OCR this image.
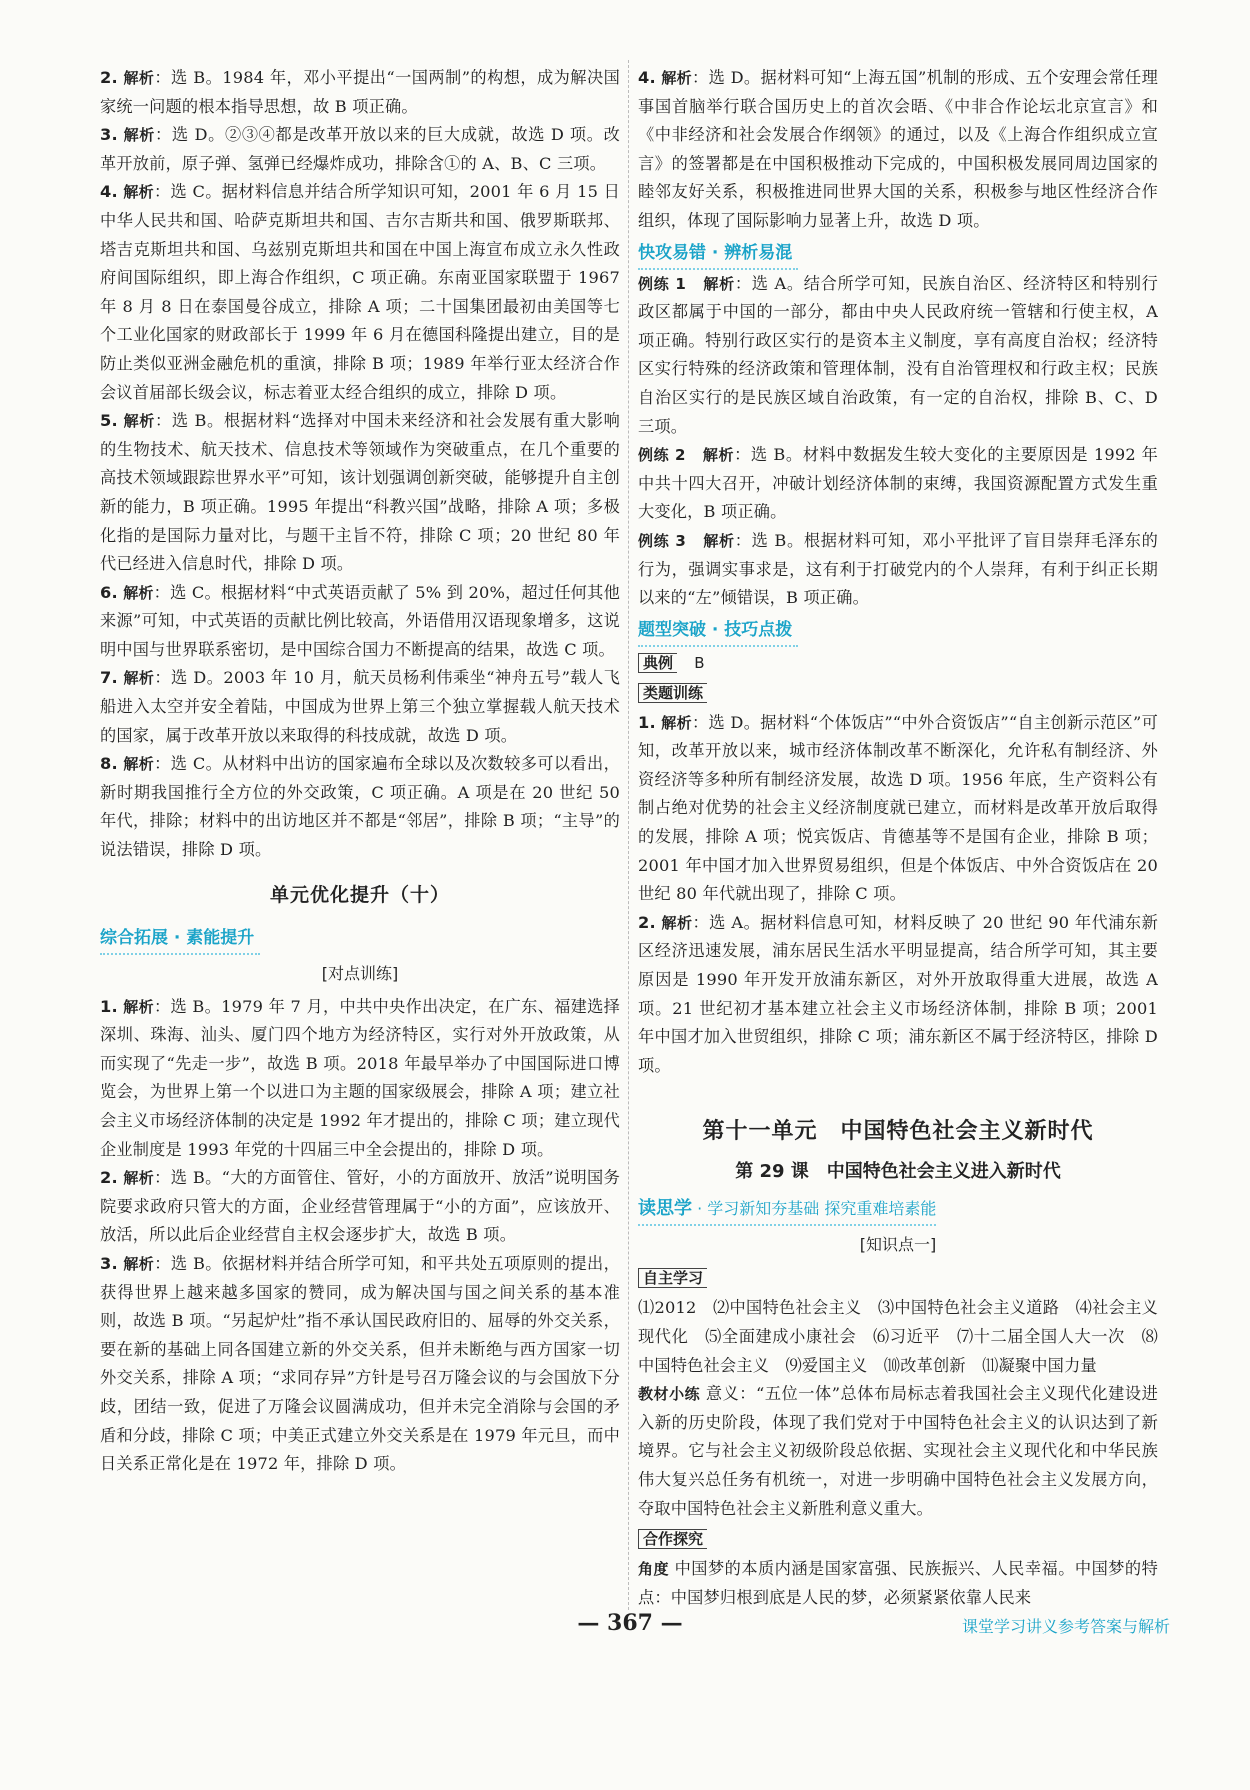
2. 解析：选 B。1984 年，邓小平提出“一国两制”的构想，成为解决国家统一问题的根本指导思想，故 B 项正确。

3. 解析：选 D。②③④都是改革开放以来的巨大成就，故选 D 项。改革开放前，原子弹、氢弹已经爆炸成功，排除含①的 A、B、C 三项。

4. 解析：选 C。据材料信息并结合所学知识可知，2001 年 6 月 15 日中华人民共和国、哈萨克斯坦共和国、吉尔吉斯共和国、俄罗斯联邦、塔吉克斯坦共和国、乌兹别克斯坦共和国在中国上海宣布成立永久性政府间国际组织，即上海合作组织，C 项正确。东南亚国家联盟于 1967 年 8 月 8 日在泰国曼谷成立，排除 A 项；二十国集团最初由美国等七个工业化国家的财政部长于 1999 年 6 月在德国科隆提出建立，目的是防止类似亚洲金融危机的重演，排除 B 项；1989 年举行亚太经济合作会议首届部长级会议，标志着亚太经合组织的成立，排除 D 项。

5. 解析：选 B。根据材料“选择对中国未来经济和社会发展有重大影响的生物技术、航天技术、信息技术等领域作为突破重点，在几个重要的高技术领域跟踪世界水平”可知，该计划强调创新突破，能够提升自主创新的能力，B 项正确。1995 年提出“科教兴国”战略，排除 A 项；多极化指的是国际力量对比，与题干主旨不符，排除 C 项；20 世纪 80 年代已经进入信息时代，排除 D 项。

6. 解析：选 C。根据材料“中式英语贡献了 5% 到 20%，超过任何其他来源”可知，中式英语的贡献比例比较高，外语借用汉语现象增多，这说明中国与世界联系密切，是中国综合国力不断提高的结果，故选 C 项。

7. 解析：选 D。2003 年 10 月，航天员杨利伟乘坐“神舟五号”载人飞船进入太空并安全着陆，中国成为世界上第三个独立掌握载人航天技术的国家，属于改革开放以来取得的科技成就，故选 D 项。

8. 解析：选 C。从材料中出访的国家遍布全球以及次数较多可以看出，新时期我国推行全方位的外交政策，C 项正确。A 项是在 20 世纪 50 年代，排除；材料中的出访地区并不都是“邻居”，排除 B 项；“主导”的说法错误，排除 D 项。

单元优化提升（十）
综合拓展 · 素能提升
[对点训练]

1. 解析：选 B。1979 年 7 月，中共中央作出决定，在广东、福建选择深圳、珠海、汕头、厦门四个地方为经济特区，实行对外开放政策，从而实现了“先走一步”，故选 B 项。2018 年最早举办了中国国际进口博览会，为世界上第一个以进口为主题的国家级展会，排除 A 项；建立社会主义市场经济体制的决定是 1992 年才提出的，排除 C 项；建立现代企业制度是 1993 年党的十四届三中全会提出的，排除 D 项。

2. 解析：选 B。“大的方面管住、管好，小的方面放开、放活”说明国务院要求政府只管大的方面，企业经营管理属于“小的方面”，应该放开、放活，所以此后企业经营自主权会逐步扩大，故选 B 项。

3. 解析：选 B。依据材料并结合所学可知，和平共处五项原则的提出，获得世界上越来越多国家的赞同，成为解决国与国之间关系的基本准则，故选 B 项。“另起炉灶”指不承认国民政府旧的、屈辱的外交关系，要在新的基础上同各国建立新的外交关系，但并未断绝与西方国家一切外交关系，排除 A 项；“求同存异”方针是号召万隆会议的与会国放下分歧，团结一致，促进了万隆会议圆满成功，但并未完全消除与会国的矛盾和分歧，排除 C 项；中美正式建立外交关系是在 1979 年元旦，而中日关系正常化是在 1972 年，排除 D 项。

4. 解析：选 D。据材料可知“上海五国”机制的形成、五个安理会常任理事国首脑举行联合国历史上的首次会晤、《中非合作论坛北京宣言》和《中非经济和社会发展合作纲领》的通过，以及《上海合作组织成立宣言》的签署都是在中国积极推动下完成的，中国积极发展同周边国家的睦邻友好关系，积极推进同世界大国的关系，积极参与地区性经济合作组织，体现了国际影响力显著上升，故选 D 项。

快攻易错 · 辨析易混

例练 1　 解析：选 A。结合所学可知，民族自治区、经济特区和特别行政区都属于中国的一部分，都由中央人民政府统一管辖和行使主权，A 项正确。特别行政区实行的是资本主义制度，享有高度自治权；经济特区实行特殊的经济政策和管理体制，没有自治管理权和行政主权；民族自治区实行的是民族区域自治政策，有一定的自治权，排除 B、C、D 三项。

例练 2　 解析：选 B。材料中数据发生较大变化的主要原因是 1992 年中共十四大召开，冲破计划经济体制的束缚，我国资源配置方式发生重大变化，B 项正确。

例练 3　 解析：选 B。根据材料可知，邓小平批评了盲目崇拜毛泽东的行为，强调实事求是，这有利于打破党内的个人崇拜，有利于纠正长期以来的“左”倾错误，B 项正确。

题型突破 · 技巧点拨
典例 B
类题训练

1. 解析：选 D。据材料“个体饭店”“中外合资饭店”“自主创新示范区”可知，改革开放以来，城市经济体制改革不断深化，允许私有制经济、外资经济等多种所有制经济发展，故选 D 项。1956 年底，生产资料公有制占绝对优势的社会主义经济制度就已建立，而材料是改革开放后取得的发展，排除 A 项；悦宾饭店、肯德基等不是国有企业，排除 B 项；2001 年中国才加入世界贸易组织，但是个体饭店、中外合资饭店在 20 世纪 80 年代就出现了，排除 C 项。

2. 解析：选 A。据材料信息可知，材料反映了 20 世纪 90 年代浦东新区经济迅速发展，浦东居民生活水平明显提高，结合所学可知，其主要原因是 1990 年开发开放浦东新区，对外开放取得重大进展，故选 A 项。21 世纪初才基本建立社会主义市场经济体制，排除 B 项；2001 年中国才加入世贸组织，排除 C 项；浦东新区不属于经济特区，排除 D 项。

第十一单元　中国特色社会主义新时代
第 29 课　中国特色社会主义进入新时代
读思学 · 学习新知夯基础 探究重难培素能
[知识点一]
自主学习

⑴2012　⑵中国特色社会主义　⑶中国特色社会主义道路　⑷社会主义现代化　⑸全面建成小康社会　⑹习近平　⑺十二届全国人大一次　⑻中国特色社会主义　⑼爱国主义　⑽改革创新　⑾凝聚中国力量

教材小练 意义：“五位一体”总体布局标志着我国社会主义现代化建设进入新的历史阶段，体现了我们党对于中国特色社会主义的认识达到了新境界。它与社会主义初级阶段总依据、实现社会主义现代化和中华民族伟大复兴总任务有机统一，对进一步明确中国特色社会主义发展方向，夺取中国特色社会主义新胜利意义重大。

合作探究

角度 中国梦的本质内涵是国家富强、民族振兴、人民幸福。中国梦的特点：中国梦归根到底是人民的梦，必须紧紧依靠人民来

— 367 —	课堂学习讲义参考答案与解析
